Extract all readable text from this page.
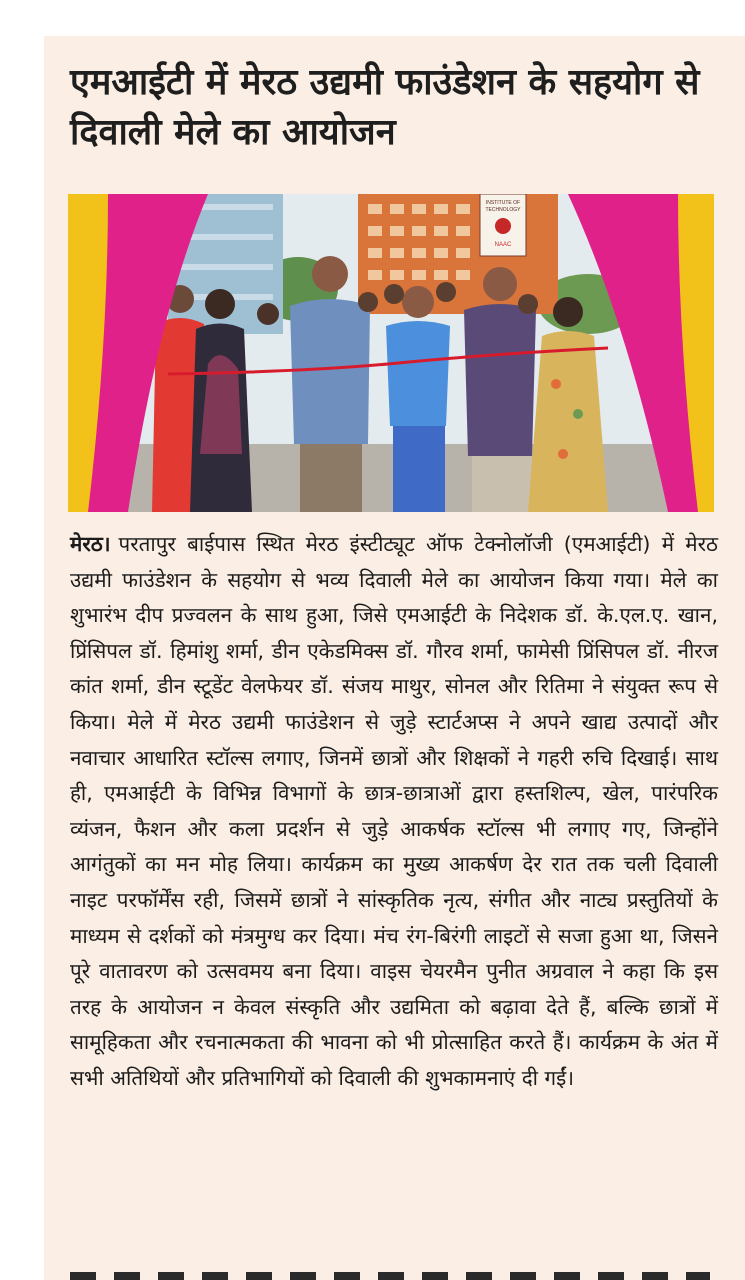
एमआईटी में मेरठ उद्यमी फाउंडेशन के सहयोग से दिवाली मेले का आयोजन
INSTITUTE OF
TECHNOLOGY
NAAC

मेरठ। परतापुर बाईपास स्थित मेरठ इंस्टीट्यूट ऑफ टेक्नोलॉजी (एमआईटी) में मेरठ उद्यमी फाउंडेशन के सहयोग से भव्य दिवाली मेले का आयोजन किया गया। मेले का शुभारंभ दीप प्रज्वलन के साथ हुआ, जिसे एमआईटी के निदेशक डॉ. के.एल.ए. खान, प्रिंसिपल डॉ. हिमांशु शर्मा, डीन एकेडमिक्स डॉ. गौरव शर्मा, फामेसी प्रिंसिपल डॉ. नीरज कांत शर्मा, डीन स्टूडेंट वेलफेयर डॉ. संजय माथुर, सोनल और रितिमा ने संयुक्त रूप से किया। मेले में मेरठ उद्यमी फाउंडेशन से जुड़े स्टार्टअप्स ने अपने खाद्य उत्पादों और नवाचार आधारित स्टॉल्स लगाए, जिनमें छात्रों और शिक्षकों ने गहरी रुचि दिखाई। साथ ही, एमआईटी के विभिन्न विभागों के छात्र-छात्राओं द्वारा हस्तशिल्प, खेल, पारंपरिक व्यंजन, फैशन और कला प्रदर्शन से जुड़े आकर्षक स्टॉल्स भी लगाए गए, जिन्होंने आगंतुकों का मन मोह लिया। कार्यक्रम का मुख्य आकर्षण देर रात तक चली दिवाली नाइट परफॉर्मेंस रही, जिसमें छात्रों ने सांस्कृतिक नृत्य, संगीत और नाट्य प्रस्तुतियों के माध्यम से दर्शकों को मंत्रमुग्ध कर दिया। मंच रंग-बिरंगी लाइटों से सजा हुआ था, जिसने पूरे वातावरण को उत्सवमय बना दिया। वाइस चेयरमैन पुनीत अग्रवाल ने कहा कि इस तरह के आयोजन न केवल संस्कृति और उद्यमिता को बढ़ावा देते हैं, बल्कि छात्रों में सामूहिकता और रचनात्मकता की भावना को भी प्रोत्साहित करते हैं। कार्यक्रम के अंत में सभी अतिथियों और प्रतिभागियों को दिवाली की शुभकामनाएं दी गईं।
